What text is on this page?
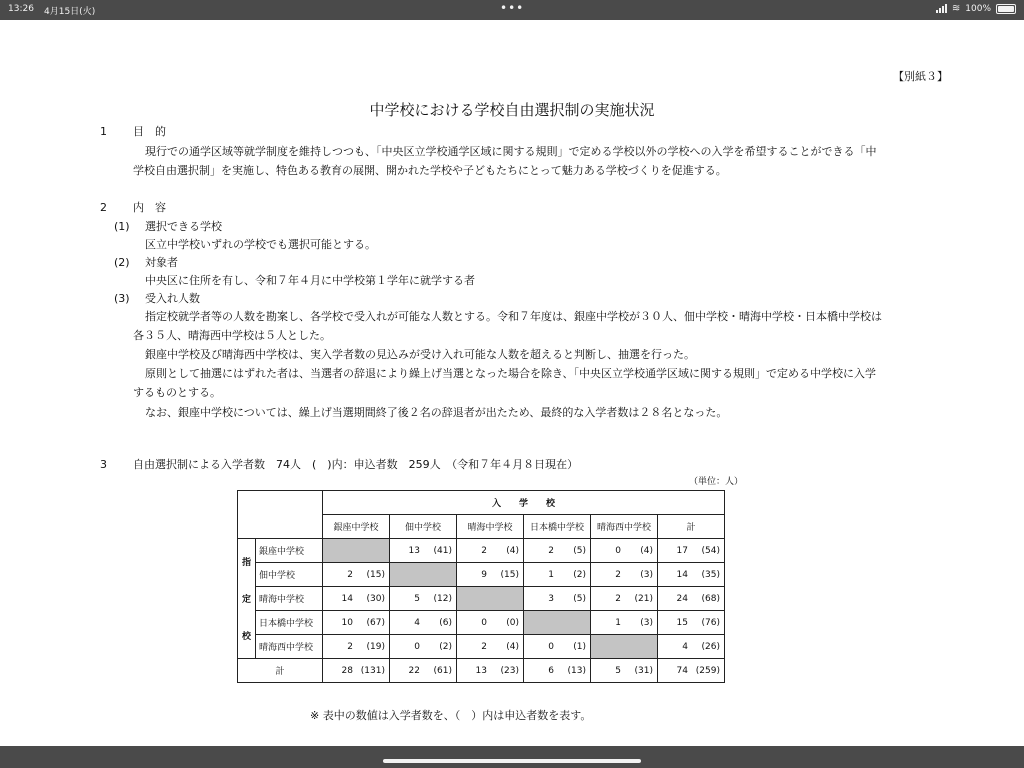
13:26 4月15日(火)	•••	≋ 100%
【別紙３】
中学校における学校自由選択制の実施状況
1 目　的
現行での通学区域等就学制度を維持しつつも、「中央区立学校通学区域に関する規則」で定める学校以外の学校への入学を希望することができる「中
学校自由選択制」を実施し、特色ある教育の展開、開かれた学校や子どもたちにとって魅力ある学校づくりを促進する。
2 内　容
(1) 選択できる学校
区立中学校いずれの学校でも選択可能とする。
(2) 対象者
中央区に住所を有し、令和７年４月に中学校第１学年に就学する者
(3) 受入れ人数
指定校就学者等の人数を勘案し、各学校で受入れが可能な人数とする。令和７年度は、銀座中学校が３０人、佃中学校・晴海中学校・日本橋中学校は
各３５人、晴海西中学校は５人とした。
銀座中学校及び晴海西中学校は、実入学者数の見込みが受け入れ可能な人数を超えると判断し、抽選を行った。
原則として抽選にはずれた者は、当選者の辞退により繰上げ当選となった場合を除き、「中央区立学校通学区域に関する規則」で定める中学校に入学
するものとする。
なお、銀座中学校については、繰上げ当選期間終了後２名の辞退者が出たため、最終的な入学者数は２８名となった。
3 自由選択制による入学者数　74人　(　)内：申込者数　259人　（令和７年４月８日現在）
（単位：人）
		入　　学　　校					
		銀座中学校	佃中学校	晴海中学校	日本橋中学校	晴海西中学校	計

指
定
校	銀座中学校		13 (41)	2 (4)	2 (5)	0 (4)	17 (54)
	佃中学校	2 (15)		9 (15)	1 (2)	2 (3)	14 (35)
	晴海中学校	14 (30)	5 (12)		3 (5)	2 (21)	24 (68)
	日本橋中学校	10 (67)	4 (6)	0 (0)		1 (3)	15 (76)
	晴海西中学校	2 (19)	0 (2)	2 (4)	0 (1)		4 (26)
計		28 (131)	22 (61)	13 (23)	6 (13)	5 (31)	74 (259)
※ 表中の数値は入学者数を、（　）内は申込者数を表す。
